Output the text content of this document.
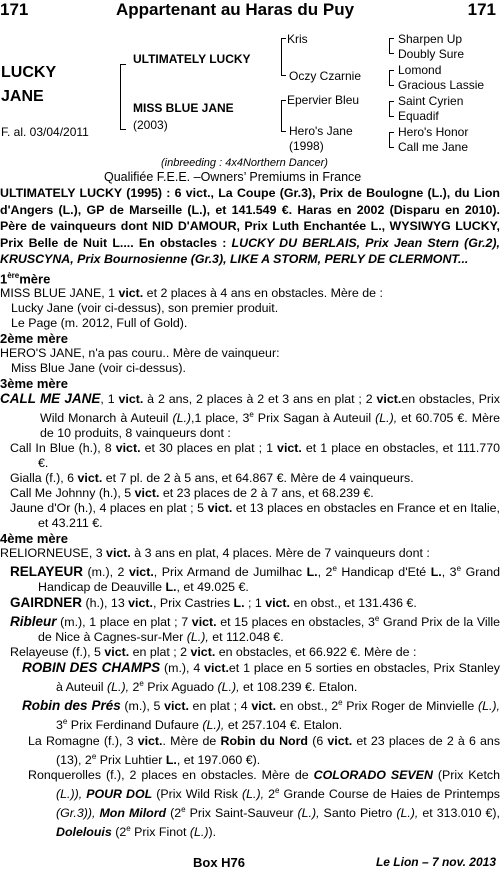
171	Appartenant au Haras du Puy	171
LUCKY
JANE
F. al. 03/04/2011
ULTIMATELY LUCKY
MISS BLUE JANE
(2003)
Kris
Oczy Czarnie
Epervier Bleu
Hero's Jane
(1998)
Sharpen Up
Doubly Sure
Lomond
Gracious Lassie
Saint Cyrien
Equadif
Hero's Honor
Call me Jane
(inbreeding : 4x4Northern Dancer)
Qualifiée F.E.E. –Owners’ Premiums in France

ULTIMATELY LUCKY (1995) : 6 vict., La Coupe (Gr.3), Prix de Boulogne (L.), du Lion d'Angers (L.), GP de Marseille (L.), et 141.549 €. Haras en 2002 (Disparu en 2010). Père de vainqueurs dont NID D'AMOUR, Prix Luth Enchantée L., WYSIWYG LUCKY, Prix Belle de Nuit L.... En obstacles : LUCKY DU BERLAIS, Prix Jean Stern (Gr.2), KRUSCYNA, Prix Bournosienne (Gr.3), LIKE A STORM, PERLY DE CLERMONT...

1èremère

MISS BLUE JANE, 1 vict. et 2 places à 4 ans en obstacles. Mère de :

Lucky Jane (voir ci-dessus), son premier produit.

Le Page (m. 2012, Full of Gold).

2ème mère

HERO'S JANE, n'a pas couru.. Mère de vainqueur:

Miss Blue Jane (voir ci-dessus).

3ème mère

CALL ME JANE, 1 vict. à 2 ans, 2 places à 2 et 3 ans en plat ; 2 vict.en obstacles, Prix Wild Monarch à Auteuil (L.),1 place, 3e Prix Sagan à Auteuil (L.), et 60.705 €. Mère de 10 produits, 8 vainqueurs dont :

Call In Blue (h.), 8 vict. et 30 places en plat ; 1 vict. et 1 place en obstacles, et 111.770 €.

Gialla (f.), 6 vict. et 7 pl. de 2 à 5 ans, et 64.867 €. Mère de 4 vainqueurs.

Call Me Johnny (h.), 5 vict. et 23 places de 2 à 7 ans, et 68.239 €.

Jaune d'Or (h.), 4 places en plat ; 5 vict. et 13 places en obstacles en France et en Italie, et 43.211 €.

4ème mère

RELIORNEUSE, 3 vict. à 3 ans en plat, 4 places. Mère de 7 vainqueurs dont :

RELAYEUR (m.), 2 vict., Prix Armand de Jumilhac L., 2e Handicap d'Eté L., 3e Grand Handicap de Deauville L., et 49.025 €.

GAIRDNER (h.), 13 vict., Prix Castries L. ; 1 vict. en obst., et 131.436 €.

Ribleur (m.), 1 place en plat ; 7 vict. et 15 places en obstacles, 3e Grand Prix de la Ville de Nice à Cagnes-sur-Mer (L.), et 112.048 €.

Relayeuse (f.), 5 vict. en plat ; 2 vict. en obstacles, et 66.922 €. Mère de :

ROBIN DES CHAMPS (m.), 4 vict.et 1 place en 5 sorties en obstacles, Prix Stanley à Auteuil (L.), 2e Prix Aguado (L.), et 108.239 €. Etalon.

Robin des Prés (m.), 5 vict. en plat ; 4 vict. en obst., 2e Prix Roger de Minvielle (L.), 3e Prix Ferdinand Dufaure (L.), et 257.104 €. Etalon.

La Romagne (f.), 3 vict.. Mère de Robin du Nord (6 vict. et 23 places de 2 à 6 ans (13), 2e Prix Luhtier L., et 197.060 €).

Ronquerolles (f.), 2 places en obstacles. Mère de COLORADO SEVEN (Prix Ketch (L.)), POUR DOL (Prix Wild Risk (L.), 2e Grande Course de Haies de Printemps (Gr.3)), Mon Milord (2e Prix Saint-Sauveur (L.), Santo Pietro (L.), et 313.010 €), Dolelouis (2e Prix Finot (L.)).

Box H76	Le Lion – 7 nov. 2013
